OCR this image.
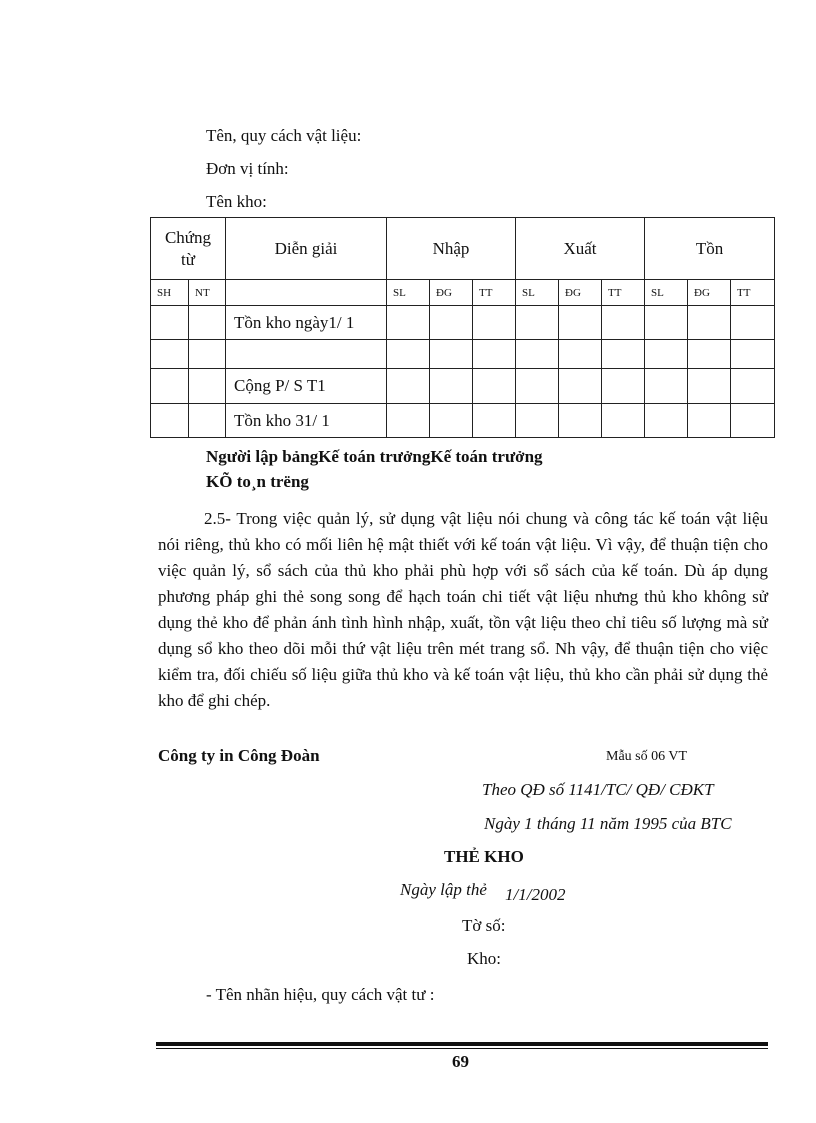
Tên, quy cách vật liệu:
Đơn vị tính:
Tên kho:
Chứng từ		Diễn giải	Nhập			Xuất			Tồn		
SH	NT		SL	ĐG	TT	SL	ĐG	TT	SL	ĐG	TT
		Tồn kho ngày1/ 1									

		Cộng P/ S T1									
		Tồn kho 31/ 1									
Người lập bảngKế toán trưởngKế toán trưởng
KÕ to¸n trëng
2.5- Trong việc quản lý, sử dụng vật liệu nói chung và công tác kế toán vật liệu nói riêng, thủ kho có mối liên hệ mật thiết với kế toán vật liệu. Vì vậy, để thuận tiện cho việc quản lý, sổ sách của thủ kho phải phù hợp với sổ sách của kế toán. Dù áp dụng phương pháp ghi thẻ song song để hạch toán chi tiết vật liệu nhưng thủ kho không sử dụng thẻ kho để phản ánh tình hình nhập, xuất, tồn vật liệu theo chỉ tiêu số lượng mà sử dụng sổ kho theo dõi mỗi thứ vật liệu trên mét trang sổ. Nh vậy, để thuận tiện cho việc kiểm tra, đối chiếu số liệu giữa thủ kho và kế toán vật liệu, thủ kho cần phải sử dụng thẻ kho để ghi chép.
Công ty in Công Đoàn	Mẫu số 06 VT
Theo QĐ số 1141/TC/ QĐ/ CĐKT
Ngày 1 tháng 11 năm 1995 của BTC
THẺ KHO
Ngày lập thẻ 1/1/2002
Tờ số:
Kho:
- Tên nhãn hiệu, quy cách vật tư :
69
